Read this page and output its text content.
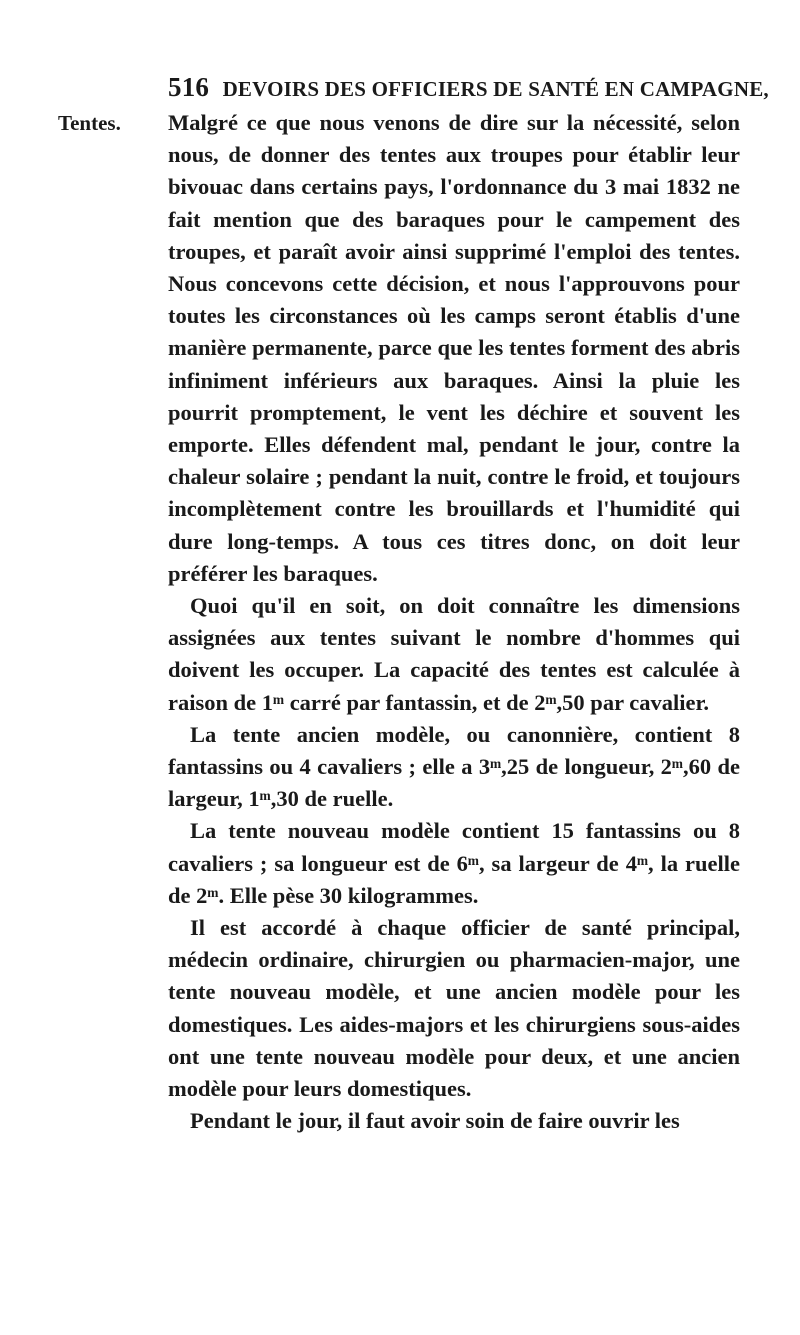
516 DEVOIRS DES OFFICIERS DE SANTÉ EN CAMPAGNE,
Tentes. Malgré ce que nous venons de dire sur la nécessité, selon nous, de donner des tentes aux troupes pour établir leur bivouac dans certains pays, l'ordonnance du 3 mai 1832 ne fait mention que des baraques pour le campement des troupes, et paraît avoir ainsi supprimé l'emploi des tentes. Nous concevons cette décision, et nous l'approuvons pour toutes les circonstances où les camps seront établis d'une manière permanente, parce que les tentes forment des abris infiniment inférieurs aux baraques. Ainsi la pluie les pourrit promptement, le vent les déchire et souvent les emporte. Elles défendent mal, pendant le jour, contre la chaleur solaire ; pendant la nuit, contre le froid, et toujours incomplètement contre les brouillards et l'humidité qui dure long-temps. A tous ces titres donc, on doit leur préférer les baraques.

Quoi qu'il en soit, on doit connaître les dimensions assignées aux tentes suivant le nombre d'hommes qui doivent les occuper. La capacité des tentes est calculée à raison de 1ᵐ carré par fantassin, et de 2ᵐ,50 par cavalier.

La tente ancien modèle, ou canonnière, contient 8 fantassins ou 4 cavaliers ; elle a 3ᵐ,25 de longueur, 2ᵐ,60 de largeur, 1ᵐ,30 de ruelle.

La tente nouveau modèle contient 15 fantassins ou 8 cavaliers ; sa longueur est de 6ᵐ, sa largeur de 4ᵐ, la ruelle de 2ᵐ. Elle pèse 30 kilogrammes.

Il est accordé à chaque officier de santé principal, médecin ordinaire, chirurgien ou pharmacien-major, une tente nouveau modèle, et une ancien modèle pour les domestiques. Les aides-majors et les chirurgiens sous-aides ont une tente nouveau modèle pour deux, et une ancien modèle pour leurs domestiques.

Pendant le jour, il faut avoir soin de faire ouvrir les
